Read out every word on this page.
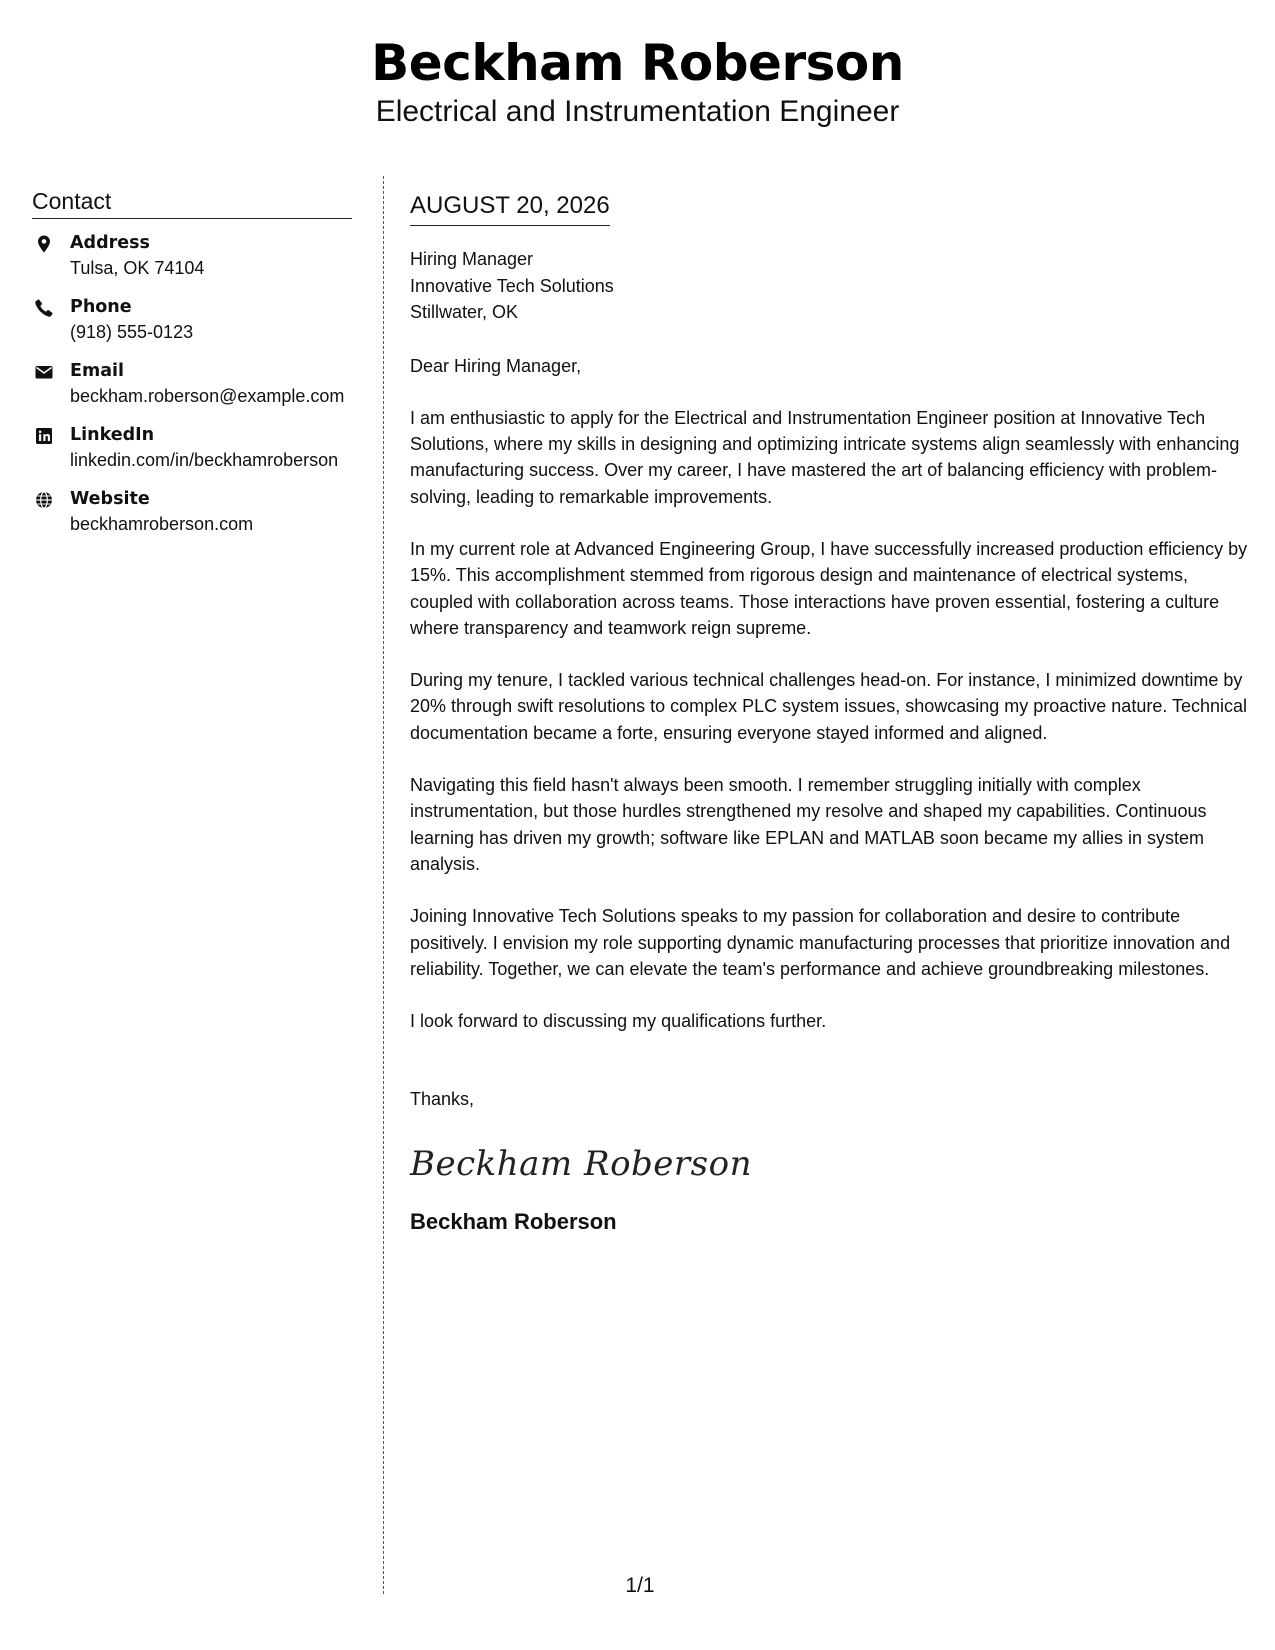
Beckham Roberson
Electrical and Instrumentation Engineer
Contact
Address
Tulsa, OK 74104
Phone
(918) 555-0123
Email
beckham.roberson@example.com
LinkedIn
linkedin.com/in/beckhamroberson
Website
beckhamroberson.com
AUGUST 20, 2026
Hiring Manager
Innovative Tech Solutions
Stillwater, OK
Dear Hiring Manager,
I am enthusiastic to apply for the Electrical and Instrumentation Engineer position at Innovative Tech Solutions, where my skills in designing and optimizing intricate systems align seamlessly with enhancing manufacturing success. Over my career, I have mastered the art of balancing efficiency with problem-solving, leading to remarkable improvements.
In my current role at Advanced Engineering Group, I have successfully increased production efficiency by 15%. This accomplishment stemmed from rigorous design and maintenance of electrical systems, coupled with collaboration across teams. Those interactions have proven essential, fostering a culture where transparency and teamwork reign supreme.
During my tenure, I tackled various technical challenges head-on. For instance, I minimized downtime by 20% through swift resolutions to complex PLC system issues, showcasing my proactive nature. Technical documentation became a forte, ensuring everyone stayed informed and aligned.
Navigating this field hasn't always been smooth. I remember struggling initially with complex instrumentation, but those hurdles strengthened my resolve and shaped my capabilities. Continuous learning has driven my growth; software like EPLAN and MATLAB soon became my allies in system analysis.
Joining Innovative Tech Solutions speaks to my passion for collaboration and desire to contribute positively. I envision my role supporting dynamic manufacturing processes that prioritize innovation and reliability. Together, we can elevate the team's performance and achieve groundbreaking milestones.
I look forward to discussing my qualifications further.
Thanks,
Beckham Roberson
Beckham Roberson
1/1
